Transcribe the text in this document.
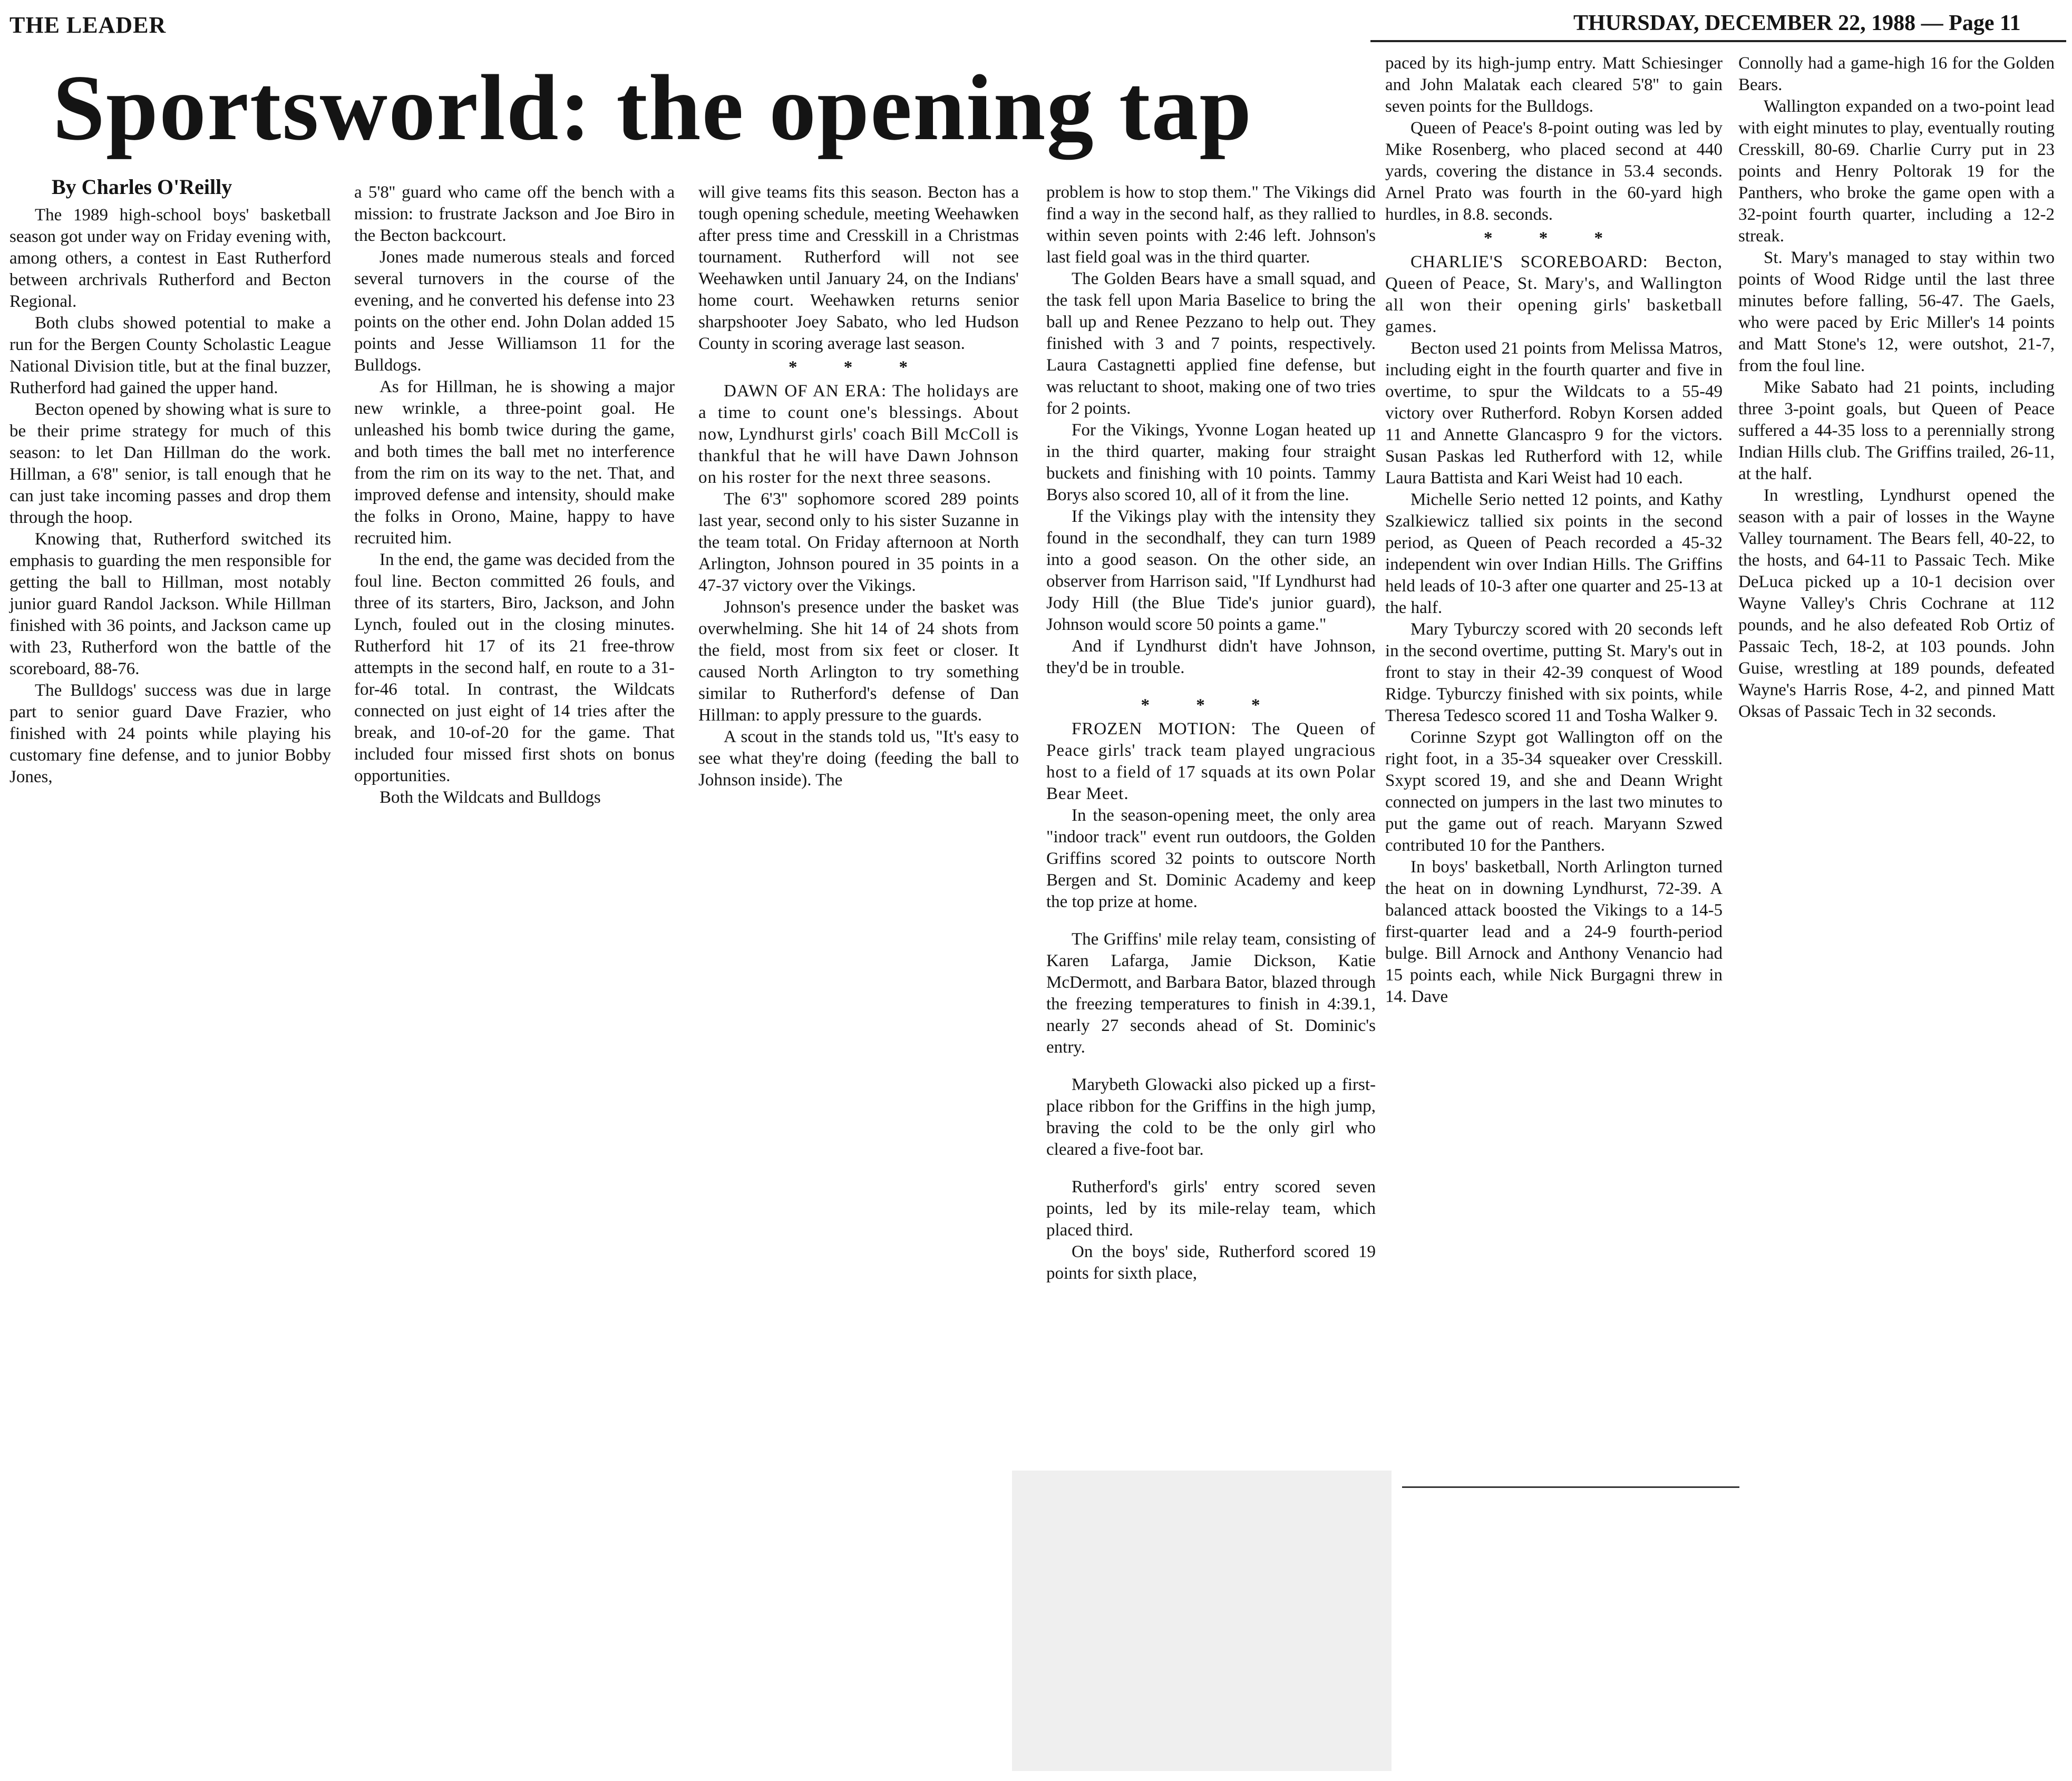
THE LEADER	THURSDAY, DECEMBER 22, 1988 — Page 11
Sportsworld: the opening tap

By Charles O'Reilly

The 1989 high-school boys' basketball season got under way on Friday evening with, among others, a contest in East Rutherford between archrivals Rutherford and Becton Regional.

Both clubs showed potential to make a run for the Bergen County Scholastic League National Division title, but at the final buzzer, Rutherford had gained the upper hand.

Becton opened by showing what is sure to be their prime strategy for much of this season: to let Dan Hillman do the work. Hillman, a 6'8'' senior, is tall enough that he can just take incoming passes and drop them through the hoop.

Knowing that, Rutherford switched its emphasis to guarding the men responsible for getting the ball to Hillman, most notably junior guard Randol Jackson. While Hillman finished with 36 points, and Jackson came up with 23, Rutherford won the battle of the scoreboard, 88-76.

The Bulldogs' success was due in large part to senior guard Dave Frazier, who finished with 24 points while playing his customary fine defense, and to junior Bobby Jones,

a 5'8'' guard who came off the bench with a mission: to frustrate Jackson and Joe Biro in the Becton backcourt.

Jones made numerous steals and forced several turnovers in the course of the evening, and he converted his defense into 23 points on the other end. John Dolan added 15 points and Jesse Williamson 11 for the Bulldogs.

As for Hillman, he is showing a major new wrinkle, a three-point goal. He unleashed his bomb twice during the game, and both times the ball met no interference from the rim on its way to the net. That, and improved defense and intensity, should make the folks in Orono, Maine, happy to have recruited him.

In the end, the game was decided from the foul line. Becton committed 26 fouls, and three of its starters, Biro, Jackson, and John Lynch, fouled out in the closing minutes. Rutherford hit 17 of its 21 free-throw attempts in the second half, en route to a 31-for-46 total. In contrast, the Wildcats connected on just eight of 14 tries after the break, and 10-of-20 for the game. That included four missed first shots on bonus opportunities.

Both the Wildcats and Bulldogs

will give teams fits this season. Becton has a tough opening schedule, meeting Weehawken after press time and Cresskill in a Christmas tournament. Rutherford will not see Weehawken until January 24, on the Indians' home court. Weehawken returns senior sharpshooter Joey Sabato, who led Hudson County in scoring average last season.

* * *

DAWN OF AN ERA: The holidays are a time to count one's blessings. About now, Lyndhurst girls' coach Bill McColl is thankful that he will have Dawn Johnson on his roster for the next three seasons.

The 6'3'' sophomore scored 289 points last year, second only to his sister Suzanne in the team total. On Friday afternoon at North Arlington, Johnson poured in 35 points in a 47-37 victory over the Vikings.

Johnson's presence under the basket was overwhelming. She hit 14 of 24 shots from the field, most from six feet or closer. It caused North Arlington to try something similar to Rutherford's defense of Dan Hillman: to apply pressure to the guards.

A scout in the stands told us, "It's easy to see what they're doing (feeding the ball to Johnson inside). The

problem is how to stop them." The Vikings did find a way in the second half, as they rallied to within seven points with 2:46 left. Johnson's last field goal was in the third quarter.

The Golden Bears have a small squad, and the task fell upon Maria Baselice to bring the ball up and Renee Pezzano to help out. They finished with 3 and 7 points, respectively. Laura Castagnetti applied fine defense, but was reluctant to shoot, making one of two tries for 2 points.

For the Vikings, Yvonne Logan heated up in the third quarter, making four straight buckets and finishing with 10 points. Tammy Borys also scored 10, all of it from the line.

If the Vikings play with the intensity they found in the secondhalf, they can turn 1989 into a good season. On the other side, an observer from Harrison said, "If Lyndhurst had Jody Hill (the Blue Tide's junior guard), Johnson would score 50 points a game."

And if Lyndhurst didn't have Johnson, they'd be in trouble.

* * *

FROZEN MOTION: The Queen of Peace girls' track team played ungracious host to a field of 17 squads at its own Polar Bear Meet.

In the season-opening meet, the only area "indoor track" event run outdoors, the Golden Griffins scored 32 points to outscore North Bergen and St. Dominic Academy and keep the top prize at home.

The Griffins' mile relay team, consisting of Karen Lafarga, Jamie Dickson, Katie McDermott, and Barbara Bator, blazed through the freezing temperatures to finish in 4:39.1, nearly 27 seconds ahead of St. Dominic's entry.

Marybeth Glowacki also picked up a first-place ribbon for the Griffins in the high jump, braving the cold to be the only girl who cleared a five-foot bar.

Rutherford's girls' entry scored seven points, led by its mile-relay team, which placed third.

On the boys' side, Rutherford scored 19 points for sixth place,

paced by its high-jump entry. Matt Schiesinger and John Malatak each cleared 5'8'' to gain seven points for the Bulldogs.

Queen of Peace's 8-point outing was led by Mike Rosenberg, who placed second at 440 yards, covering the distance in 53.4 seconds. Arnel Prato was fourth in the 60-yard high hurdles, in 8.8. seconds.

* * *

CHARLIE'S SCOREBOARD: Becton, Queen of Peace, St. Mary's, and Wallington all won their opening girls' basketball games.

Becton used 21 points from Melissa Matros, including eight in the fourth quarter and five in overtime, to spur the Wildcats to a 55-49 victory over Rutherford. Robyn Korsen added 11 and Annette Glancaspro 9 for the victors. Susan Paskas led Rutherford with 12, while Laura Battista and Kari Weist had 10 each.

Michelle Serio netted 12 points, and Kathy Szalkiewicz tallied six points in the second period, as Queen of Peach recorded a 45-32 independent win over Indian Hills. The Griffins held leads of 10-3 after one quarter and 25-13 at the half.

Mary Tyburczy scored with 20 seconds left in the second overtime, putting St. Mary's out in front to stay in their 42-39 conquest of Wood Ridge. Tyburczy finished with six points, while Theresa Tedesco scored 11 and Tosha Walker 9.

Corinne Szypt got Wallington off on the right foot, in a 35-34 squeaker over Cresskill. Sxypt scored 19, and she and Deann Wright connected on jumpers in the last two minutes to put the game out of reach. Maryann Szwed contributed 10 for the Panthers.

In boys' basketball, North Arlington turned the heat on in downing Lyndhurst, 72-39. A balanced attack boosted the Vikings to a 14-5 first-quarter lead and a 24-9 fourth-period bulge. Bill Arnock and Anthony Venancio had 15 points each, while Nick Burgagni threw in 14. Dave

Connolly had a game-high 16 for the Golden Bears.

Wallington expanded on a two-point lead with eight minutes to play, eventually routing Cresskill, 80-69. Charlie Curry put in 23 points and Henry Poltorak 19 for the Panthers, who broke the game open with a 32-point fourth quarter, including a 12-2 streak.

St. Mary's managed to stay within two points of Wood Ridge until the last three minutes before falling, 56-47. The Gaels, who were paced by Eric Miller's 14 points and Matt Stone's 12, were outshot, 21-7, from the foul line.

Mike Sabato had 21 points, including three 3-point goals, but Queen of Peace suffered a 44-35 loss to a perennially strong Indian Hills club. The Griffins trailed, 26-11, at the half.

In wrestling, Lyndhurst opened the season with a pair of losses in the Wayne Valley tournament. The Bears fell, 40-22, to the hosts, and 64-11 to Passaic Tech. Mike DeLuca picked up a 10-1 decision over Wayne Valley's Chris Cochrane at 112 pounds, and he also defeated Rob Ortiz of Passaic Tech, 18-2, at 103 pounds. John Guise, wrestling at 189 pounds, defeated Wayne's Harris Rose, 4-2, and pinned Matt Oksas of Passaic Tech in 32 seconds.
